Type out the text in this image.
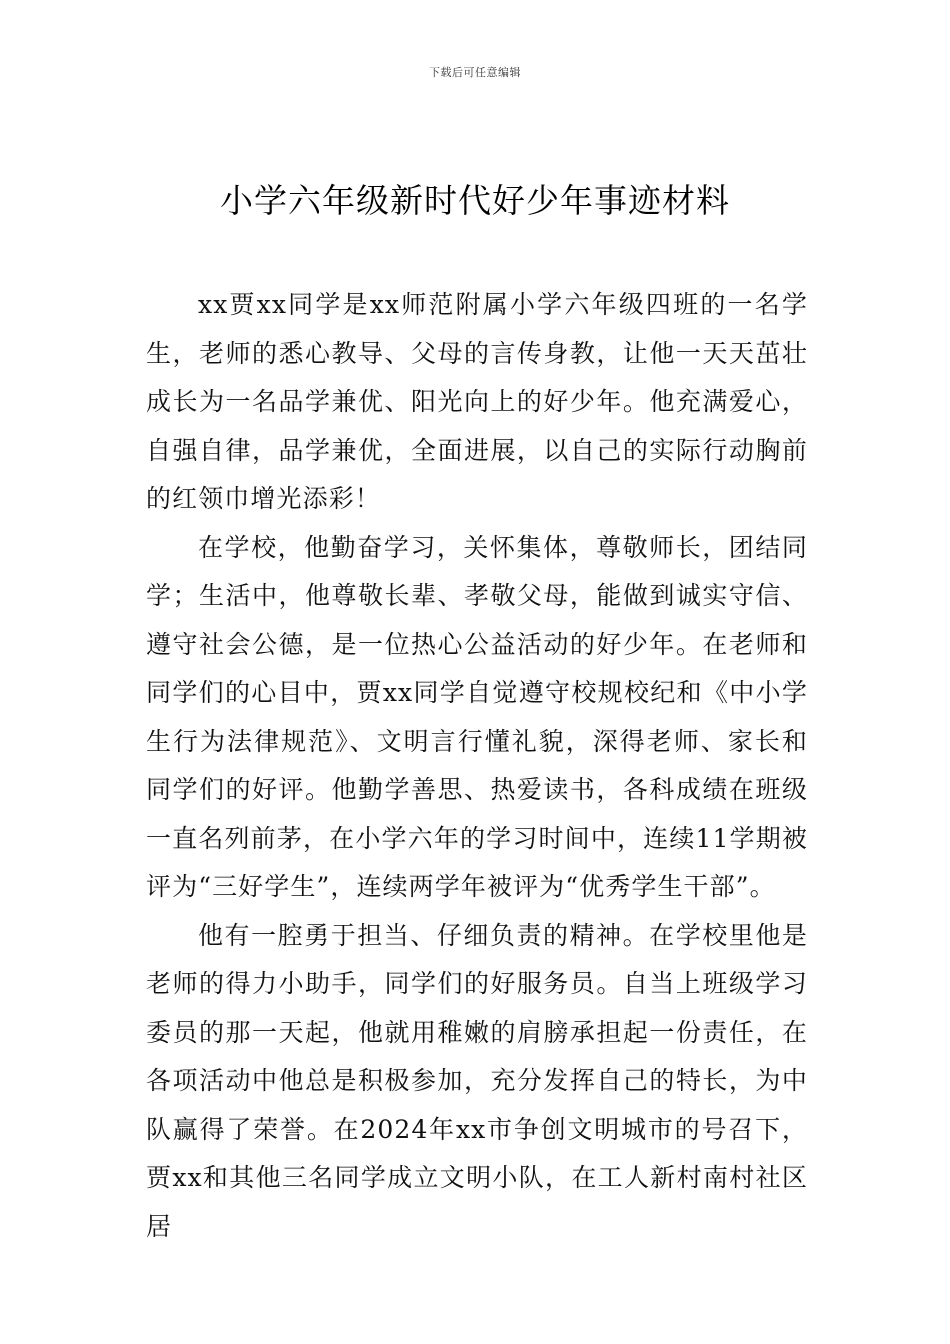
下载后可任意编辑
小学六年级新时代好少年事迹材料

xx贾xx同学是xx师范附属小学六年级四班的一名学生，老师的悉心教导、父母的言传身教，让他一天天茁壮成长为一名品学兼优、阳光向上的好少年。他充满爱心，自强自律，品学兼优，全面进展，以自己的实际行动胸前的红领巾增光添彩！

在学校，他勤奋学习，关怀集体，尊敬师长，团结同学；生活中，他尊敬长辈、孝敬父母，能做到诚实守信、遵守社会公德，是一位热心公益活动的好少年。在老师和同学们的心目中，贾xx同学自觉遵守校规校纪和《中小学生行为法律规范》、文明言行懂礼貌，深得老师、家长和同学们的好评。他勤学善思、热爱读书，各科成绩在班级一直名列前茅，在小学六年的学习时间中，连续11学期被评为“三好学生”，连续两学年被评为“优秀学生干部”。

他有一腔勇于担当、仔细负责的精神。在学校里他是老师的得力小助手，同学们的好服务员。自当上班级学习委员的那一天起，他就用稚嫩的肩膀承担起一份责任，在各项活动中他总是积极参加，充分发挥自己的特长，为中队赢得了荣誉。在2024年xx市争创文明城市的号召下，贾xx和其他三名同学成立文明小队，在工人新村南村社区居
